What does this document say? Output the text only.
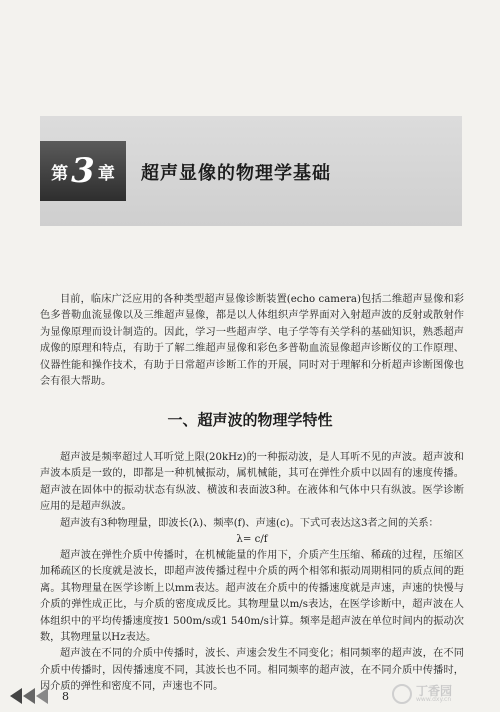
第 3 章 超声显像的物理学基础

目前，临床广泛应用的各种类型超声显像诊断装置(echo camera)包括二维超声显像和彩色多普勒血流显像以及三维超声显像，都是以人体组织声学界面对入射超声波的反射或散射作为显像原理而设计制造的。因此，学习一些超声学、电子学等有关学科的基础知识，熟悉超声成像的原理和特点，有助于了解二维超声显像和彩色多普勒血流显像超声诊断仪的工作原理、仪器性能和操作技术，有助于日常超声诊断工作的开展，同时对于理解和分析超声诊断图像也会有很大帮助。

一、超声波的物理学特性

超声波是频率超过人耳听觉上限(20kHz)的一种振动波，是人耳听不见的声波。超声波和声波本质是一致的，即都是一种机械振动，属机械能，其可在弹性介质中以固有的速度传播。超声波在固体中的振动状态有纵波、横波和表面波3种。在液体和气体中只有纵波。医学诊断应用的是超声纵波。

超声波有3种物理量，即波长(λ)、频率(f)、声速(c)。下式可表达这3者之间的关系：

λ= c/f

超声波在弹性介质中传播时，在机械能量的作用下，介质产生压缩、稀疏的过程，压缩区加稀疏区的长度就是波长，即超声波传播过程中介质的两个相邻和振动周期相同的质点间的距离。其物理量在医学诊断上以mm表达。超声波在介质中的传播速度就是声速，声速的快慢与介质的弹性成正比，与介质的密度成反比。其物理量以m/s表达，在医学诊断中，超声波在人体组织中的平均传播速度按1 500m/s或1 540m/s计算。频率是超声波在单位时间内的振动次数，其物理量以Hz表达。

超声波在不同的介质中传播时，波长、声速会发生不同变化；相同频率的超声波，在不同介质中传播时，因传播速度不同，其波长也不同。相同频率的超声波，在不同介质中传播时，因介质的弹性和密度不同，声速也不同。

8	丁香园
www.dxy.cn
